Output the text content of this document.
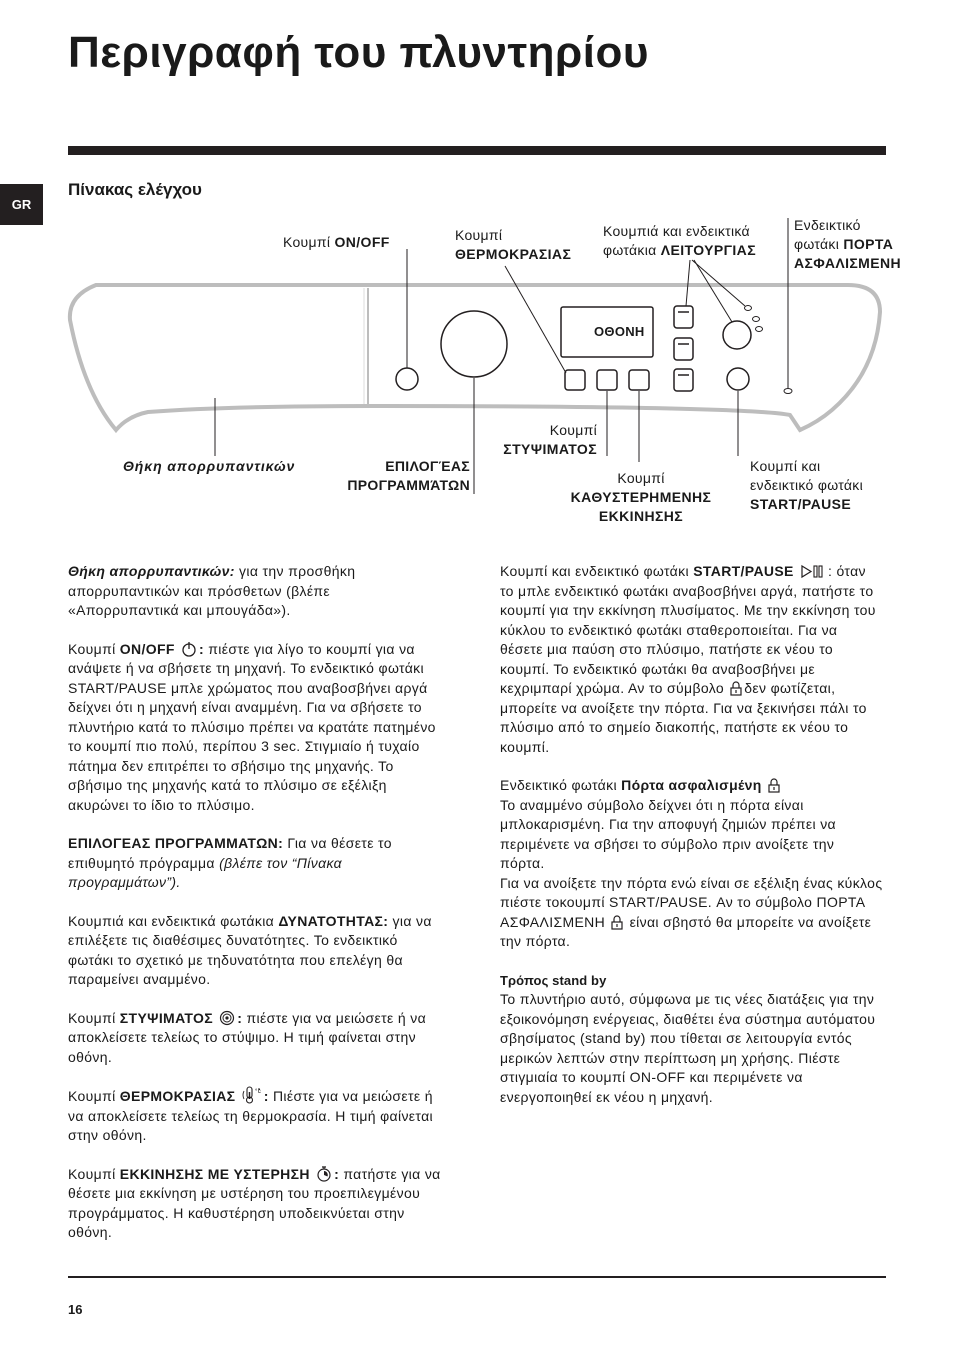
Περιγραφή του πλυντηρίου
GR
Πίνακας ελέγχου
ΟΘΟΝΗ
Κουμπί ON/OFF	Κουμπί
ΘΕΡΜΟΚΡΑΣΙΑΣ
Κουμπιά και ενδεικτικά
φωτάκια ΛΕΙΤΟΥΡΓΙΑΣ
Ενδεικτικό
φωτάκι ΠΟΡΤΑ
ΑΣΦΑΛΙΣΜΕΝΗ
Θήκη απορρυπαντικών	ΕΠΙΛΟΓΈΑΣ
ΠΡΟΓΡΑΜΜΆΤΩΝ
Κουμπί
ΣΤΥΨΙΜΑΤΟΣ
Κουμπί
ΚΑΘΥΣΤΕΡΗΜΕΝΗΣ
ΕΚΚΙΝΗΣΗΣ
Κουμπί και
ενδεικτικό φωτάκι
START/PAUSE

Θήκη απορρυπαντικών: για την προσθήκη απορρυπαντικών και πρόσθετων (βλέπε «Απορρυπαντικά και μπουγάδα»).

Κουμπί ON/OFF : πιέστε για λίγο το κουμπί για να ανάψετε ή να σβήσετε τη μηχανή. Το ενδεικτικό φωτάκι START/PAUSE μπλε χρώματος που αναβοσβήνει αργά δείχνει ότι η μηχανή είναι αναμμένη. Για να σβήσετε το πλυντήριο κατά το πλύσιμο πρέπει να κρατάτε πατημένο το κουμπί πιο πολύ, περίπου 3 sec. Στιγμιαίο ή τυχαίο πάτημα δεν επιτρέπει το σβήσιμο της μηχανής. Το σβήσιμο της μηχανής κατά το πλύσιμο σε εξέλιξη ακυρώνει το ίδιο το πλύσιμο.

ΕΠΙΛΟΓΕΑΣ ΠΡΟΓΡΑΜΜΑΤΩΝ: Για να θέσετε το επιθυμητό πρόγραμμα (βλέπε τον “Πίνακα προγραμμάτων”).

Κουμπιά και ενδεικτικά φωτάκια ΔΥΝΑΤΟΤΗΤΑΣ: για να επιλέξετε τις διαθέσιμες δυνατότητες. Το ενδεικτικό φωτάκι το σχετικό με τηδυνατότητα που επελέγη θα παραμείνει αναμμένο.

Κουμπί ΣΤΥΨΙΜΑΤΟΣ : πιέστε για να μειώσετε ή να αποκλείσετε τελείως το στύψιμο. Η τιμή φαίνεται στην οθόνη.

Κουμπί ΘΕΡΜΟΚΡΑΣΙΑΣ	°c : Πιέστε για να μειώσετε ή να αποκλείσετε τελείως τη θερμοκρασία. Η τιμή φαίνεται στην οθόνη.

Κουμπί ΕΚΚΙΝΗΣΗΣ ΜΕ ΥΣΤΕΡΗΣΗ : πατήστε για να θέσετε μια εκκίνηση με υστέρηση του προεπιλεγμένου προγράμματος. Η καθυστέρηση υποδεικνύεται στην οθόνη.

Κουμπί και ενδεικτικό φωτάκι START/PAUSE : όταν το μπλε ενδεικτικό φωτάκι αναβοσβήνει αργά, πατήστε το κουμπί για την εκκίνηση πλυσίματος. Με την εκκίνηση του κύκλου το ενδεικτικό φωτάκι σταθεροποιείται. Για να θέσετε μια παύση στο πλύσιμο, πατήστε εκ νέου το κουμπί. Το ενδεικτικό φωτάκι θα αναβοσβήνει με κεχριμπαρί χρώμα. Αν το σύμβολο δεν φωτίζεται, μπορείτε να ανοίξετε την πόρτα. Για να ξεκινήσει πάλι το πλύσιμο από το σημείο διακοπής, πατήστε εκ νέου το κουμπί.

Ενδεικτικό φωτάκι Πόρτα ασφαλισμένη
Το αναμμένο σύμβολο δείχνει ότι η πόρτα είναι μπλοκαρισμένη. Για την αποφυγή ζημιών πρέπει να περιμένετε να σβήσει το σύμβολο πριν ανοίξετε την πόρτα.
Για να ανοίξετε την πόρτα ενώ είναι σε εξέλιξη ένας κύκλος πιέστε τοκουμπί START/PAUSE. Αν το σύμβολο ΠΟΡΤΑ ΑΣΦΑΛΙΣΜΕΝΗ είναι σβηστό θα μπορείτε να ανοίξετε την πόρτα.

Τρόπος stand by
Το πλυντήριο αυτό, σύμφωνα με τις νέες διατάξεις για την εξοικονόμηση ενέργειας, διαθέτει ένα σύστημα αυτόματου σβησίματος (stand by) που τίθεται σε λειτουργία εντός μερικών λεπτών στην περίπτωση μη χρήσης. Πιέστε στιγμιαία το κουμπί ON-OFF και περιμένετε να ενεργοποιηθεί εκ νέου η μηχανή.
16
